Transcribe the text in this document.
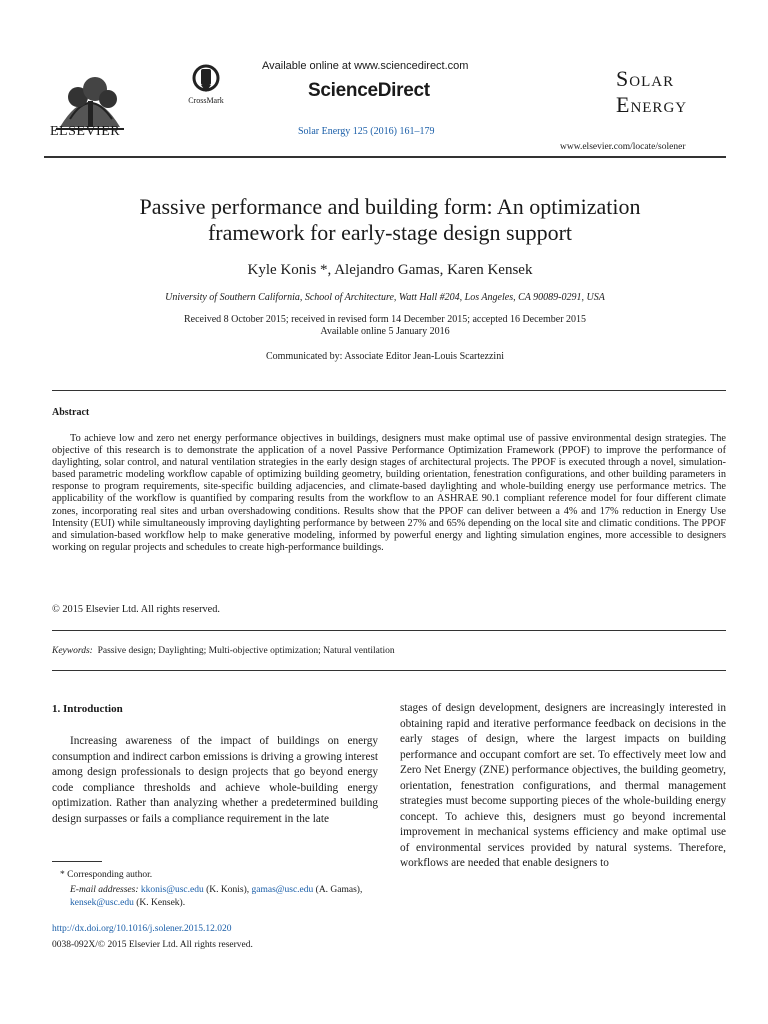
ELSEVIER
CrossMark
Available online at www.sciencedirect.com
ScienceDirect
Solar Energy 125 (2016) 161–179
Solar
Energy
www.elsevier.com/locate/solener
Passive performance and building form: An optimization
framework for early-stage design support
Kyle Konis *, Alejandro Gamas, Karen Kensek
University of Southern California, School of Architecture, Watt Hall #204, Los Angeles, CA 90089-0291, USA
Received 8 October 2015; received in revised form 14 December 2015; accepted 16 December 2015
Available online 5 January 2016
Communicated by: Associate Editor Jean-Louis Scartezzini
Abstract
To achieve low and zero net energy performance objectives in buildings, designers must make optimal use of passive environmental design strategies. The objective of this research is to demonstrate the application of a novel Passive Performance Optimization Framework (PPOF) to improve the performance of daylighting, solar control, and natural ventilation strategies in the early design stages of architectural projects. The PPOF is executed through a novel, simulation-based parametric modeling workflow capable of optimizing building geometry, building orientation, fenestration configurations, and other building parameters in response to program requirements, site-specific building adjacencies, and climate-based daylighting and whole-building energy use performance metrics. The applicability of the workflow is quantified by comparing results from the workflow to an ASHRAE 90.1 compliant reference model for four different climate zones, incorporating real sites and urban overshadowing conditions. Results show that the PPOF can deliver between a 4% and 17% reduction in Energy Use Intensity (EUI) while simultaneously improving daylighting performance by between 27% and 65% depending on the local site and climatic conditions. The PPOF and simulation-based workflow help to make generative modeling, informed by powerful energy and lighting simulation engines, more accessible to designers working on regular projects and schedules to create high-performance buildings.
© 2015 Elsevier Ltd. All rights reserved.
Keywords: Passive design; Daylighting; Multi-objective optimization; Natural ventilation
1. Introduction
Increasing awareness of the impact of buildings on energy consumption and indirect carbon emissions is driving a growing interest among design professionals to design projects that go beyond energy code compliance thresholds and achieve whole-building energy optimization. Rather than analyzing whether a predetermined building design surpasses or fails a compliance requirement in the late
stages of design development, designers are increasingly interested in obtaining rapid and iterative performance feedback on decisions in the early stages of design, where the largest impacts on building performance and occupant comfort are set. To effectively meet low and Zero Net Energy (ZNE) performance objectives, the building geometry, orientation, fenestration configurations, and thermal management strategies must become supporting pieces of the whole-building energy concept. To achieve this, designers must go beyond incremental improvement in mechanical systems efficiency and make optimal use of environmental services provided by natural systems. Therefore, workflows are needed that enable designers to
* Corresponding author.
E-mail addresses: kkonis@usc.edu (K. Konis), gamas@usc.edu (A. Gamas), kensek@usc.edu (K. Kensek).
http://dx.doi.org/10.1016/j.solener.2015.12.020
0038-092X/© 2015 Elsevier Ltd. All rights reserved.
